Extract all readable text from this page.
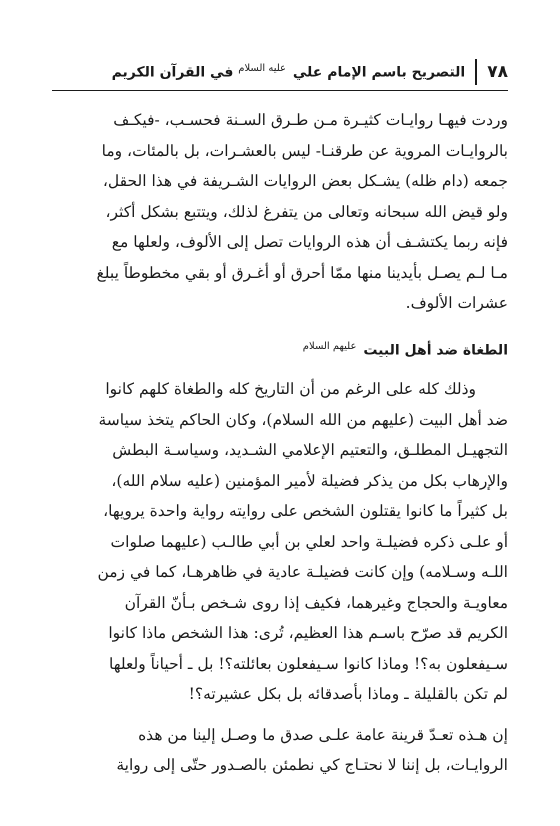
٧٨
التصريح باسم الإمام علي $^{عليه السلام}$ في القرآن الكريم
وردت فيهـا روايـات كثيـرة مـن طـرق السـنة فحسـب، -فيكـف
بالروايـات المروية عن طرقنـا- ليس بالعشـرات، بل بالمئات، وما
جمعه (دام ظله) يشـكل بعض الروايات الشـريفة في هذا الحقل،
ولو قيض الله سبحانه وتعالى من يتفرغ لذلك، ويتتبع بشكل أكثر،
فإنه ربما يكتشـف أن هذه الروايات تصل إلى الألوف، ولعلها مع
مـا لـم يصـل بأيدينا منها ممّا أحرق أو أغـرق أو بقي مخطوطاً يبلغ
عشرات الألوف.
الطغاة ضد أهل البيت $^{عليهم السلام}$
وذلك كله على الرغم من أن التاريخ كله والطغاة كلهم كانوا
ضد أهل البيت (عليهم من الله السلام)، وكان الحاكم يتخذ سياسة
التجهيـل المطلـق، والتعتيم الإعلامي الشـديد، وسياسـة البطش
والإرهاب بكل من يذكر فضيلة لأمير المؤمنين (عليه سلام الله)،
بل كثيراً ما كانوا يقتلون الشخص على روايته رواية واحدة يرويها،
أو علـى ذكره فضيلـة واحد لعلي بن أبي طالـب (عليهما صلوات
اللـه وسـلامه) وإن كانت فضيلـة عادية في ظاهرهـا، كما في زمن
معاويـة والحجاج وغيرهما، فكيف إذا روى شـخص بـأنّ القرآن
الكريم قد صرّح باسـم هذا العظيم، تُرى: هذا الشخص ماذا كانوا
سـيفعلون به؟! وماذا كانوا سـيفعلون بعائلته؟! بل ـ أحياناً ولعلها
لم تكن بالقليلة ـ وماذا بأصدقائه بل بكل عشيرته؟!
إن هـذه تعـدّ قرينة عامة علـى صدق ما وصـل إلينا من هذه
الروايـات، بل إننا لا نحتـاج كي نطمئن بالصـدور حتّى إلى رواية
